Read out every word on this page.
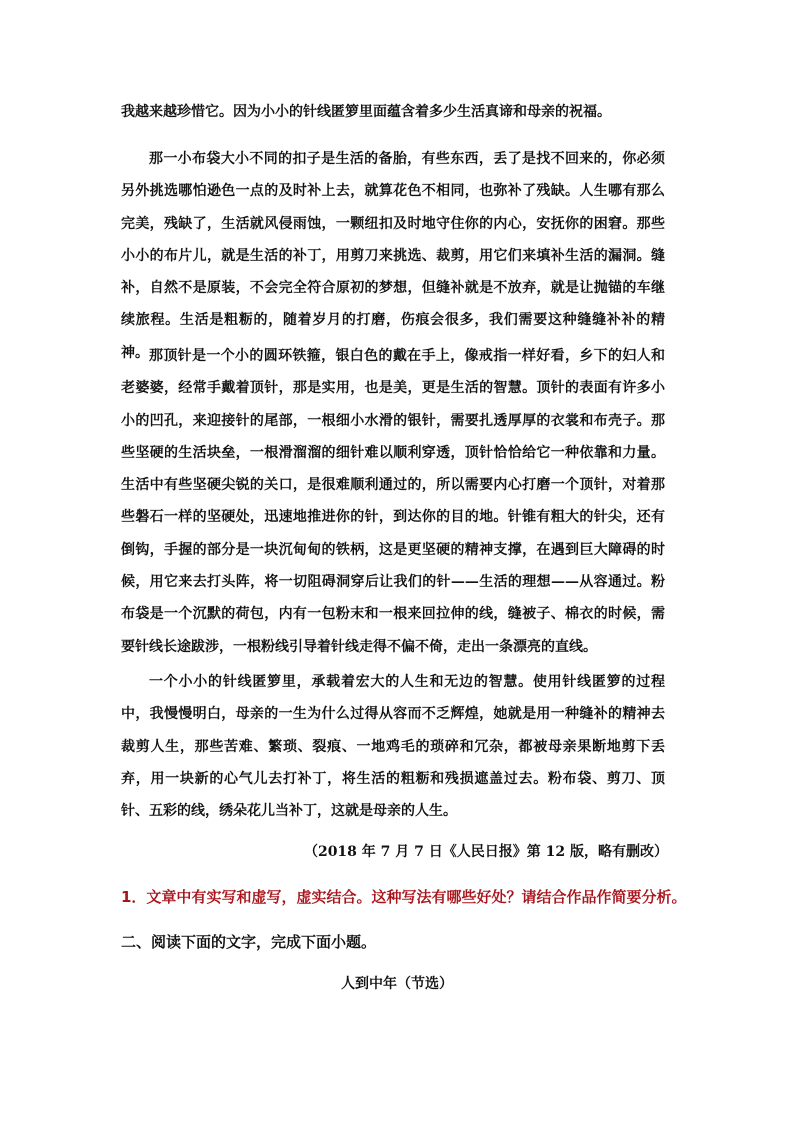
我越来越珍惜它。因为小小的针线匿箩里面蕴含着多少生活真谛和母亲的祝福。

那一小布袋大小不同的扣子是生活的备胎，有些东西，丢了是找不回来的，你必须另外挑选哪怕逊色一点的及时补上去，就算花色不相同，也弥补了残缺。人生哪有那么完美，残缺了，生活就风侵雨蚀，一颗纽扣及时地守住你的内心，安抚你的困窘。那些小小的布片儿，就是生活的补丁，用剪刀来挑选、裁剪，用它们来填补生活的漏洞。缝补，自然不是原装，不会完全符合原初的梦想，但缝补就是不放弃，就是让抛锚的车继续旅程。生活是粗粝的，随着岁月的打磨，伤痕会很多，我们需要这种缝缝补补的精神。 那顶针是一个小的圆环铁箍，银白色的戴在手上，像戒指一样好看，乡下的妇人和老婆婆，经常手戴着顶针，那是实用，也是美，更是生活的智慧。顶针的表面有许多小小的凹孔，来迎接针的尾部，一根细小水滑的银针，需要扎透厚厚的衣裳和布壳子。那些坚硬的生活块垒，一根滑溜溜的细针难以顺利穿透，顶针恰恰给它一种依靠和力量。生活中有些坚硬尖锐的关口，是很难顺利通过的，所以需要内心打磨一个顶针，对着那些磐石一样的坚硬处，迅速地推进你的针，到达你的目的地。针锥有粗大的针尖，还有倒钩，手握的部分是一块沉甸甸的铁柄，这是更坚硬的精神支撑，在遇到巨大障碍的时候，用它来去打头阵，将一切阻碍洞穿后让我们的针——生活的理想——从容通过。粉布袋是一个沉默的荷包，内有一包粉末和一根来回拉伸的线，缝被子、棉衣的时候，需要针线长途跋涉，一根粉线引导着针线走得不偏不倚，走出一条漂亮的直线。

一个小小的针线匿箩里，承载着宏大的人生和无边的智慧。使用针线匿箩的过程中，我慢慢明白，母亲的一生为什么过得从容而不乏辉煌，她就是用一种缝补的精神去裁剪人生，那些苦难、繁琐、裂痕、一地鸡毛的琐碎和冗杂，都被母亲果断地剪下丢弃，用一块新的心气儿去打补丁，将生活的粗粝和残损遮盖过去。粉布袋、剪刀、顶针、五彩的线，绣朵花儿当补丁，这就是母亲的人生。

（2018 年 7 月 7 日《人民日报》第 12 版，略有删改）
1．文章中有实写和虚写，虚实结合。这种写法有哪些好处？请结合作品作简要分析。
二、阅读下面的文字，完成下面小题。
人到中年（节选）
